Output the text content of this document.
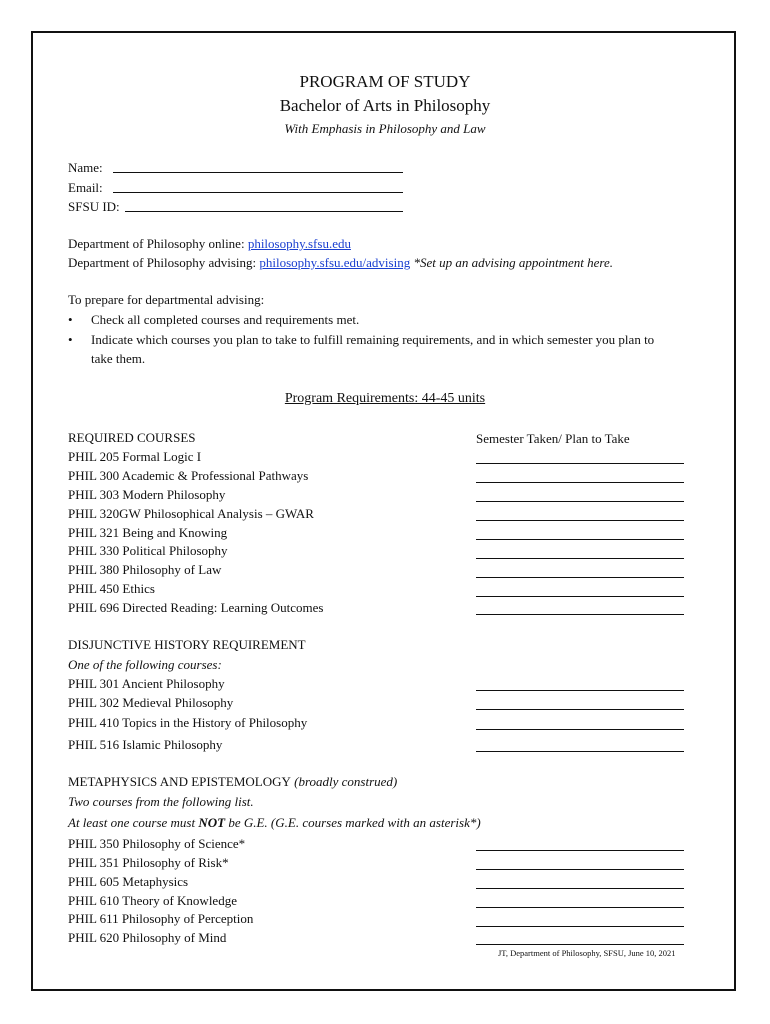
PROGRAM OF STUDY
Bachelor of Arts in Philosophy
With Emphasis in Philosophy and Law
Name:
Email:
SFSU ID:
Department of Philosophy online: philosophy.sfsu.edu
Department of Philosophy advising: philosophy.sfsu.edu/advising *Set up an advising appointment here.
To prepare for departmental advising:
• Check all completed courses and requirements met.
• Indicate which courses you plan to take to fulfill remaining requirements, and in which semester you plan to
take them.
Program Requirements: 44-45 units
REQUIRED COURSES	Semester Taken/ Plan to Take
PHIL 205 Formal Logic I
PHIL 300 Academic & Professional Pathways
PHIL 303 Modern Philosophy
PHIL 320GW Philosophical Analysis – GWAR
PHIL 321 Being and Knowing
PHIL 330 Political Philosophy
PHIL 380 Philosophy of Law
PHIL 450 Ethics
PHIL 696 Directed Reading: Learning Outcomes
DISJUNCTIVE HISTORY REQUIREMENT
One of the following courses:
PHIL 301 Ancient Philosophy
PHIL 302 Medieval Philosophy
PHIL 410 Topics in the History of Philosophy
PHIL 516 Islamic Philosophy
METAPHYSICS AND EPISTEMOLOGY (broadly construed)
Two courses from the following list.
At least one course must NOT be G.E. (G.E. courses marked with an asterisk*)
PHIL 350 Philosophy of Science*
PHIL 351 Philosophy of Risk*
PHIL 605 Metaphysics
PHIL 610 Theory of Knowledge
PHIL 611 Philosophy of Perception
PHIL 620 Philosophy of Mind
JT, Department of Philosophy, SFSU, June 10, 2021
